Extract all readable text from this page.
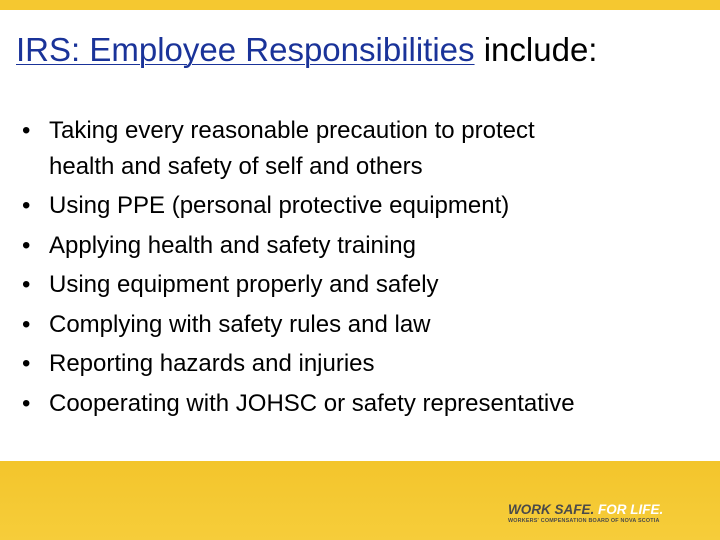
IRS: Employee Responsibilities include:
• Taking every reasonable precaution to protect
health and safety of self and others
• Using PPE (personal protective equipment)
• Applying health and safety training
• Using equipment properly and safely
• Complying with safety rules and law
• Reporting hazards and injuries
• Cooperating with JOHSC or safety representative
WORK SAFE. FOR LIFE.
WORKERS' COMPENSATION BOARD OF NOVA SCOTIA
